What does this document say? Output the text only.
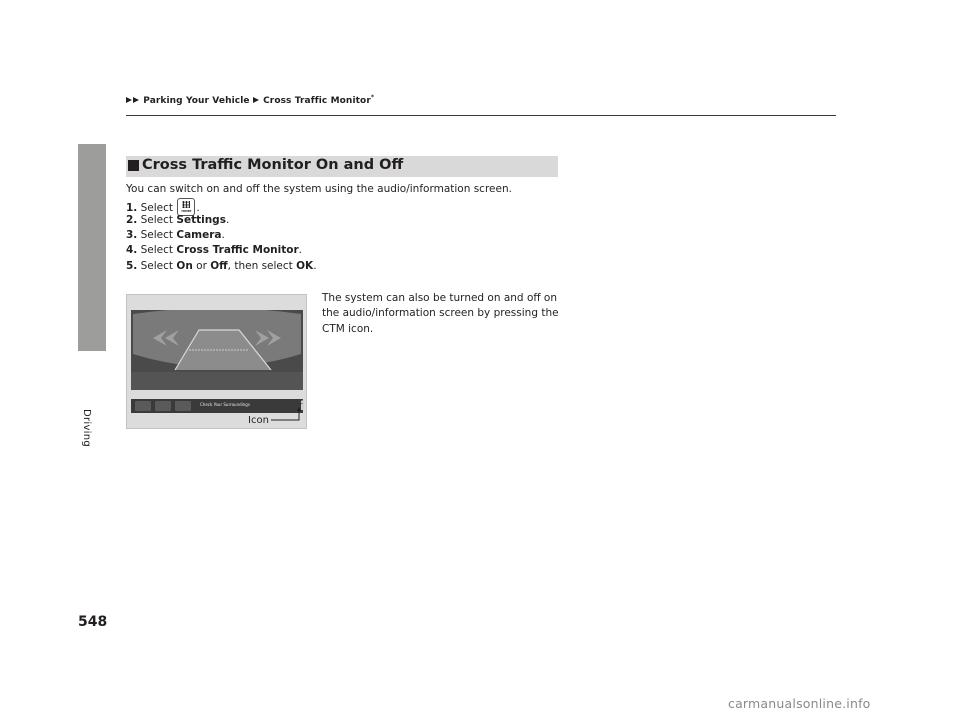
Parking Your Vehicle Cross Traffic Monitor*
Driving
Cross Traffic Monitor On and Off
You can switch on and off the system using the audio/information screen.
1. Select	HOME .
2. Select Settings.
3. Select Camera.
4. Select Cross Traffic Monitor.
5. Select On or Off, then select OK.
The system can also be turned on and off on
the audio/information screen by pressing the
CTM icon.
Check Your Surroundings
Icon
548
carmanualsonline.info
